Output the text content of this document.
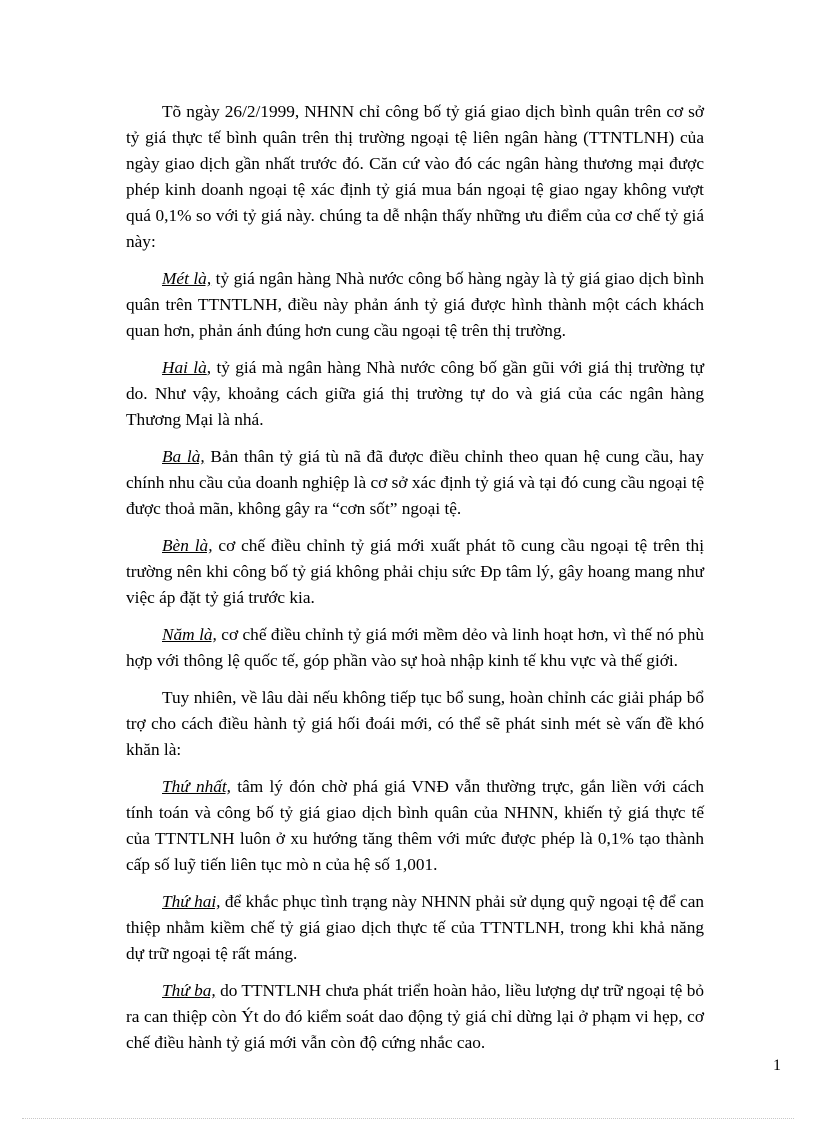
Tõ ngày 26/2/1999, NHNN chỉ công bố tỷ giá giao dịch bình quân trên cơ sở tỷ giá thực tế bình quân trên thị trường ngoại tệ liên ngân hàng (TTNTLNH) của ngày giao dịch gần nhất trước đó. Căn cứ vào đó các ngân hàng thương mại được phép kinh doanh ngoại tệ xác định tỷ giá mua bán ngoại tệ giao ngay không vượt quá 0,1% so với tỷ giá này. chúng ta dễ nhận thấy những ưu điểm của cơ chế tỷ giá này:

Mét là, tỷ giá ngân hàng Nhà nước công bố hàng ngày là tỷ giá giao dịch bình quân trên TTNTLNH, điều này phản ánh tỷ giá được hình thành một cách khách quan hơn, phản ánh đúng hơn cung cầu ngoại tệ trên thị trường.

Hai là, tỷ giá mà ngân hàng Nhà nước công bố gần gũi với giá thị trường tự do. Như vậy, khoảng cách giữa giá thị trường tự do và giá của các ngân hàng Thương Mại là nhá.

Ba là, Bản thân tỷ giá tù nã đã được điều chỉnh theo quan hệ cung cầu, hay chính nhu cầu của doanh nghiệp là cơ sở xác định tỷ giá và tại đó cung cầu ngoại tệ được thoả mãn, không gây ra “cơn sốt” ngoại tệ.

Bèn là, cơ chế điều chỉnh tỷ giá mới xuất phát tõ cung cầu ngoại tệ trên thị trường nên khi công bố tỷ giá không phải chịu sức Ðp tâm lý, gây hoang mang như việc áp đặt tỷ giá trước kia.

Năm là, cơ chế điều chỉnh tỷ giá mới mềm dẻo và linh hoạt hơn, vì thế nó phù hợp với thông lệ quốc tế, góp phần vào sự hoà nhập kinh tế khu vực và thế giới.

Tuy nhiên, về lâu dài nếu không tiếp tục bổ sung, hoàn chỉnh các giải pháp bổ trợ cho cách điều hành tỷ giá hối đoái mới, có thể sẽ phát sinh mét sè vấn đề khó khăn là:

Thứ nhất, tâm lý đón chờ phá giá VNĐ vẫn thường trực, gắn liền với cách tính toán và công bố tỷ giá giao dịch bình quân của NHNN, khiến tỷ giá thực tế của TTNTLNH luôn ở xu hướng tăng thêm với mức được phép là 0,1% tạo thành cấp số luỹ tiến liên tục mò n của hệ số 1,001.

Thứ hai, để khắc phục tình trạng này NHNN phải sử dụng quỹ ngoại tệ để can thiệp nhằm kiềm chế tỷ giá giao dịch thực tế của TTNTLNH, trong khi khả năng dự trữ ngoại tệ rất máng.

Thứ ba, do TTNTLNH chưa phát triển hoàn hảo, liều lượng dự trữ ngoại tệ bỏ ra can thiệp còn Ýt do đó kiểm soát dao động tỷ giá chỉ dừng lại ở phạm vi hẹp, cơ chế điều hành tỷ giá mới vẫn còn độ cứng nhắc cao.

1
